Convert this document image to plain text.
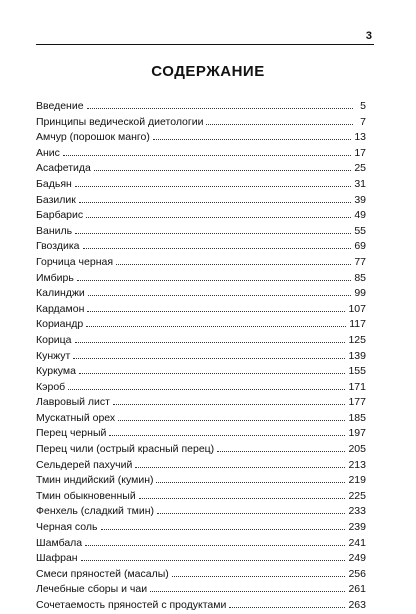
3
СОДЕРЖАНИЕ
Введение	5
Принципы ведической диетологии	7
Амчур (порошок манго)	13
Анис	17
Асафетида	25
Бадьян	31
Базилик	39
Барбарис	49
Ваниль	55
Гвоздика	69
Горчица черная	77
Имбирь	85
Калинджи	99
Кардамон	107
Кориандр	117
Корица	125
Кунжут	139
Куркума	155
Кэроб	171
Лавровый лист	177
Мускатный орех	185
Перец черный	197
Перец чили (острый красный перец)	205
Сельдерей пахучий	213
Тмин индийский (кумин)	219
Тмин обыкновенный	225
Фенхель (сладкий тмин)	233
Черная соль	239
Шамбала	241
Шафран	249
Смеси пряностей (масалы)	256
Лечебные сборы и чаи	261
Сочетаемость пряностей с продуктами	263
